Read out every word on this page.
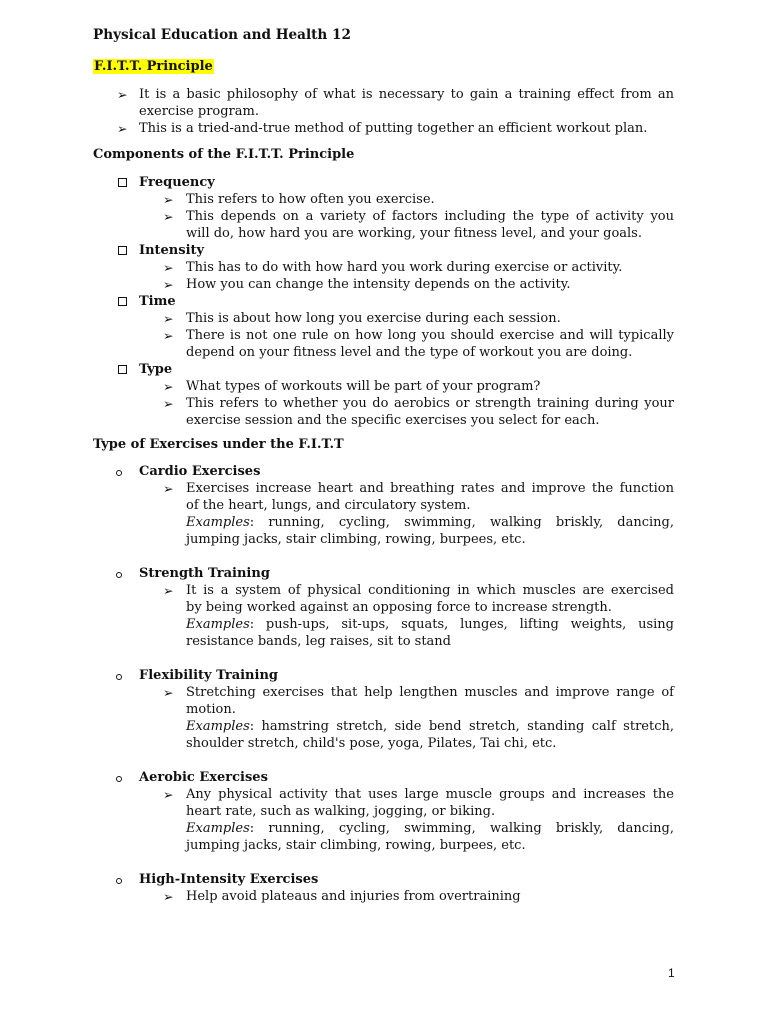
Physical Education and Health 12
F.I.T.T. Principle
➢ It is a basic philosophy of what is necessary to gain a training effect from an
exercise program.
➢ This is a tried-and-true method of putting together an efficient workout plan.
Components of the F.I.T.T. Principle
Frequency
➢ This refers to how often you exercise.
➢ This depends on a variety of factors including the type of activity you
will do, how hard you are working, your fitness level, and your goals.
Intensity
➢ This has to do with how hard you work during exercise or activity.
➢ How you can change the intensity depends on the activity.
Time
➢ This is about how long you exercise during each session.
➢ There is not one rule on how long you should exercise and will typically
depend on your fitness level and the type of workout you are doing.
Type
➢ What types of workouts will be part of your program?
➢ This refers to whether you do aerobics or strength training during your
exercise session and the specific exercises you select for each.
Type of Exercises under the F.I.T.T
Cardio Exercises
➢ Exercises increase heart and breathing rates and improve the function
of the heart, lungs, and circulatory system.
Examples: running, cycling, swimming, walking briskly, dancing,
jumping jacks, stair climbing, rowing, burpees, etc.
Strength Training
➢ It is a system of physical conditioning in which muscles are exercised
by being worked against an opposing force to increase strength.
Examples: push-ups, sit-ups, squats, lunges, lifting weights, using
resistance bands, leg raises, sit to stand
Flexibility Training
➢ Stretching exercises that help lengthen muscles and improve range of
motion.
Examples: hamstring stretch, side bend stretch, standing calf stretch,
shoulder stretch, child's pose, yoga, Pilates, Tai chi, etc.
Aerobic Exercises
➢ Any physical activity that uses large muscle groups and increases the
heart rate, such as walking, jogging, or biking.
Examples: running, cycling, swimming, walking briskly, dancing,
jumping jacks, stair climbing, rowing, burpees, etc.
High-Intensity Exercises
➢ Help avoid plateaus and injuries from overtraining
1
